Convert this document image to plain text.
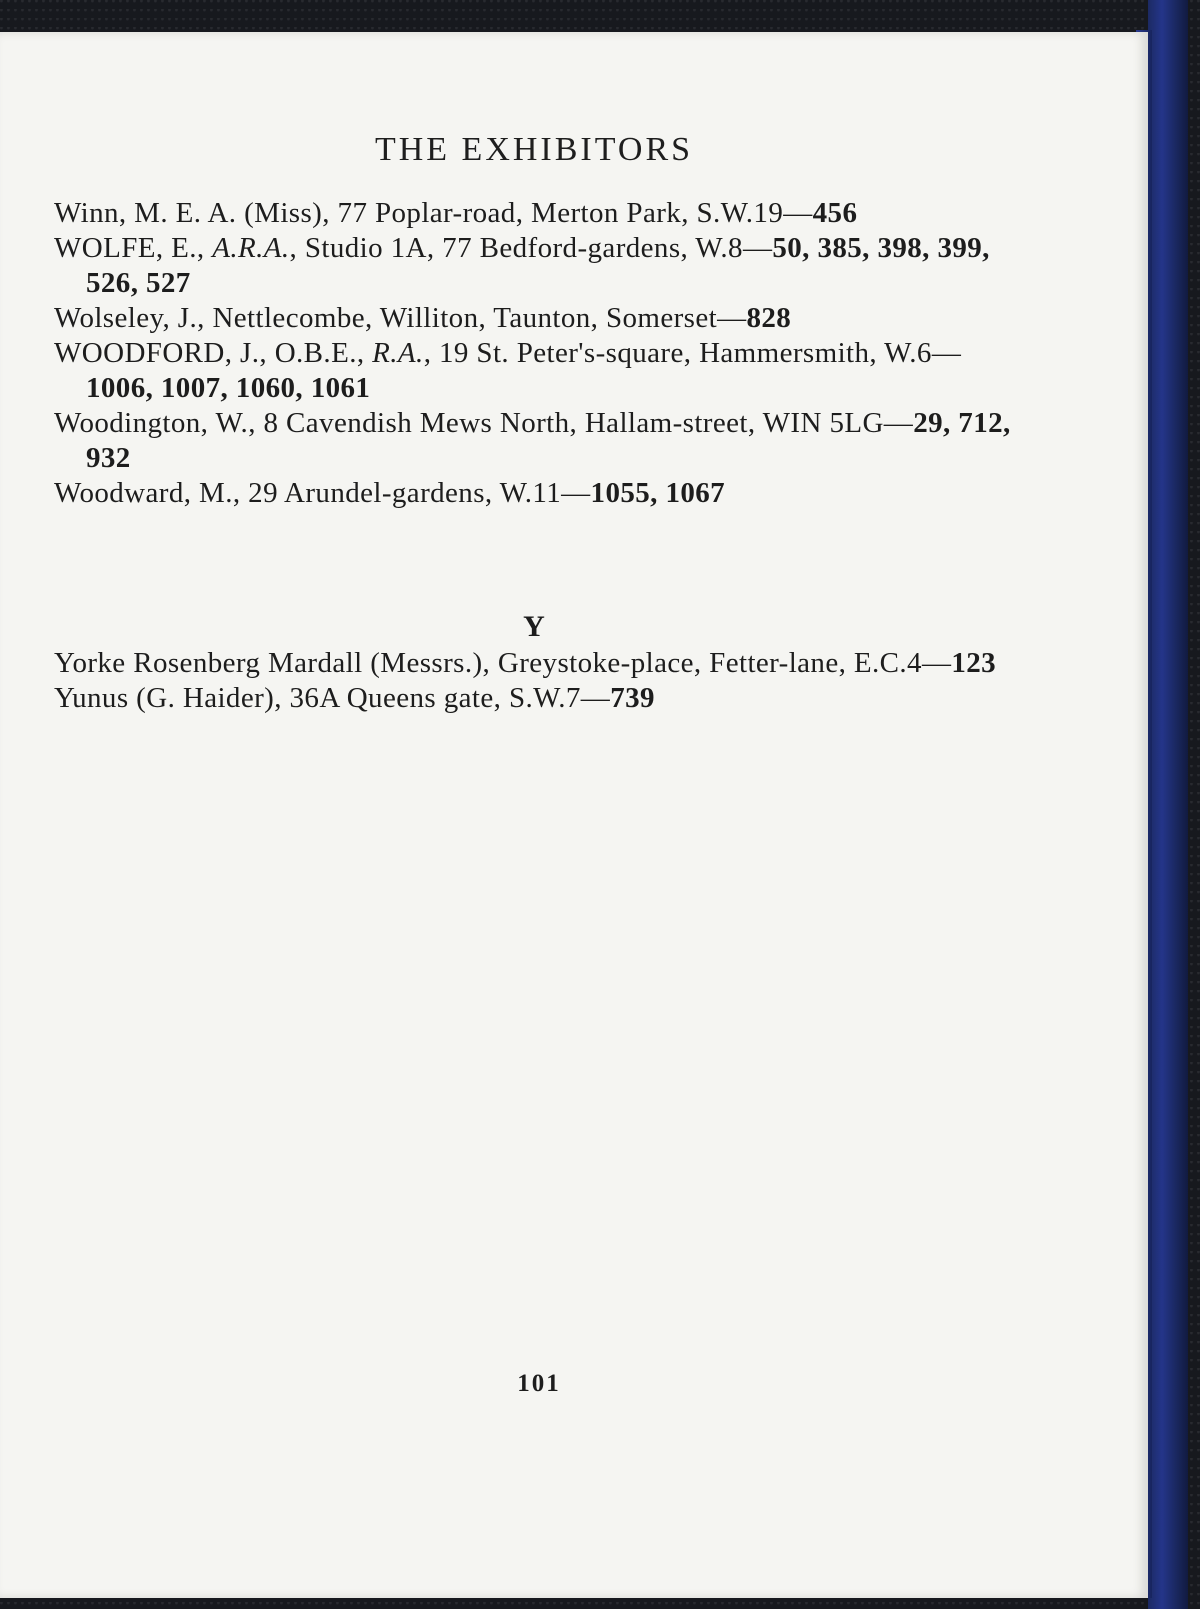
THE EXHIBITORS

Winn, M. E. A. (Miss), 77 Poplar-road, Merton Park, S.W.19—456

WOLFE, E., A.R.A., Studio 1A, 77 Bedford-gardens, W.8—50, 385, 398, 399, 526, 527

Wolseley, J., Nettlecombe, Williton, Taunton, Somerset—828

WOODFORD, J., O.B.E., R.A., 19 St. Peter's-square, Hammersmith, W.6—1006, 1007, 1060, 1061

Woodington, W., 8 Cavendish Mews North, Hallam-street, WIN 5LG—29, 712, 932

Woodward, M., 29 Arundel-gardens, W.11—1055, 1067

Y

Yorke Rosenberg Mardall (Messrs.), Greystoke-place, Fetter-lane, E.C.4—123

Yunus (G. Haider), 36A Queens gate, S.W.7—739

101
